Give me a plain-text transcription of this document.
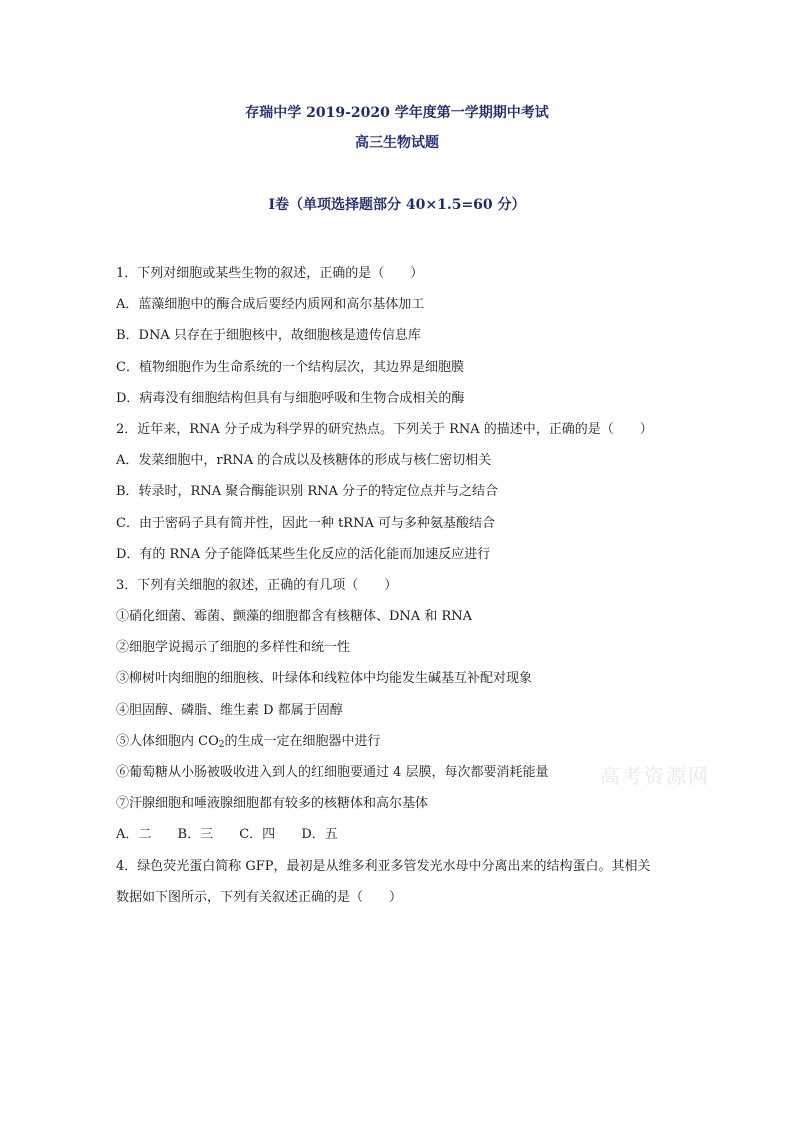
存瑞中学 2019-2020 学年度第一学期期中考试
高三生物试题
Ⅰ卷（单项选择题部分 40×1.5=60 分）
1．下列对细胞或某些生物的叙述，正确的是（　　）
A．蓝藻细胞中的酶合成后要经内质网和高尔基体加工
B．DNA 只存在于细胞核中，故细胞核是遗传信息库
C．植物细胞作为生命系统的一个结构层次，其边界是细胞膜
D．病毒没有细胞结构但具有与细胞呼吸和生物合成相关的酶
2．近年来，RNA 分子成为科学界的研究热点。下列关于 RNA 的描述中，正确的是（　　）
A．发菜细胞中，rRNA 的合成以及核糖体的形成与核仁密切相关
B．转录时，RNA 聚合酶能识别 RNA 分子的特定位点并与之结合
C．由于密码子具有简并性，因此一种 tRNA 可与多种氨基酸结合
D．有的 RNA 分子能降低某些生化反应的活化能而加速反应进行
3．下列有关细胞的叙述，正确的有几项（　　）
①硝化细菌、霉菌、颤藻的细胞都含有核糖体、DNA 和 RNA
②细胞学说揭示了细胞的多样性和统一性
③柳树叶肉细胞的细胞核、叶绿体和线粒体中均能发生碱基互补配对现象
④胆固醇、磷脂、维生素 D 都属于固醇
⑤人体细胞内 $CO_2$的生成一定在细胞器中进行
⑥葡萄糖从小肠被吸收进入到人的红细胞要通过 4 层膜，每次都要消耗能量
⑦汗腺细胞和唾液腺细胞都有较多的核糖体和高尔基体
A．二 B．三 C．四 D．五
4．绿色荧光蛋白简称 GFP，最初是从维多利亚多管发光水母中分离出来的结构蛋白。其相关
数据如下图所示，下列有关叙述正确的是（　　）
高考资源网
